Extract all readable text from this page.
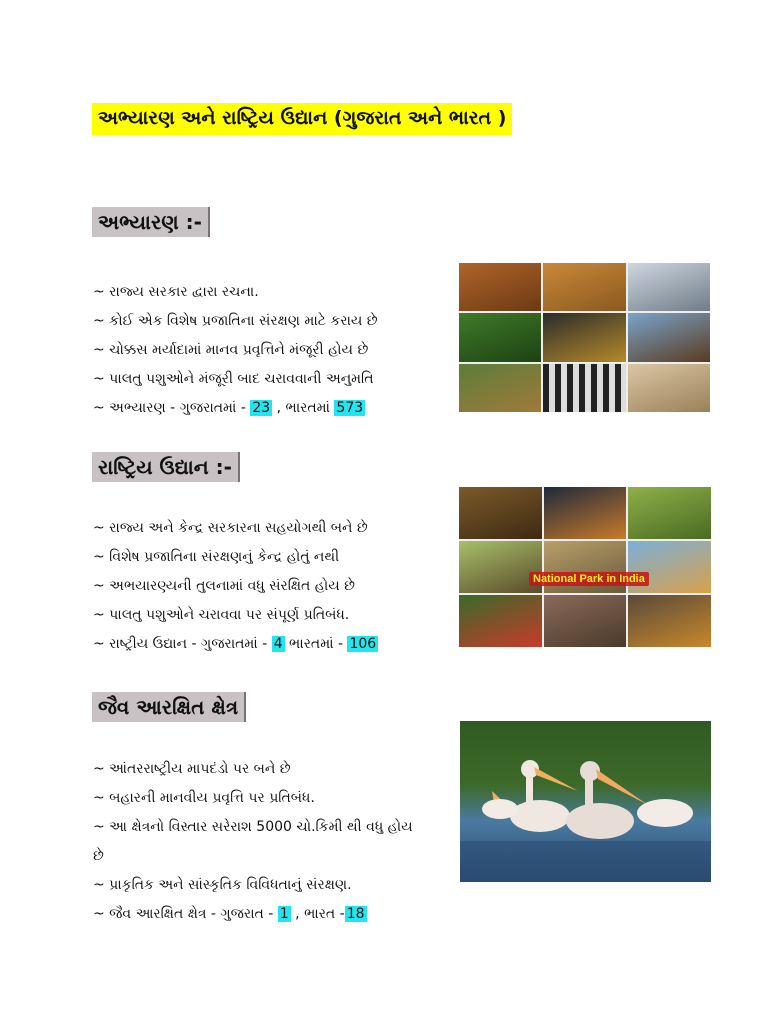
અભ્યારણ અને રાષ્ટ્રિય ઉદ્યાન (ગુજરાત અને ભારત )
અભ્યારણ :-
~ રાજ્ય સરકાર દ્વારા રચના.
~ કોઈ એક વિશેષ પ્રજાતિના સંરક્ષણ માટે કરાય છે
~ ચોક્કસ મર્યાદામાં માનવ પ્રવૃત્તિને મંજૂરી હોય છે
~ પાલતુ પશુઓને મંજૂરી બાદ ચરાવવાની અનુમતિ
~ અભ્યારણ - ગુજરાતમાં - 23 , ભારતમાં 573
રાષ્ટ્રિય ઉદ્યાન :-
~ રાજ્ય અને કેન્દ્ર સરકારના સહયોગથી બને છે
~ વિશેષ પ્રજાતિના સંરક્ષણનું કેન્દ્ર હોતું નથી
~ અભયારણ્યની તુલનામાં વધુ સંરક્ષિત હોય છે
~ પાલતુ પશુઓને ચરાવવા પર સંપૂર્ણ પ્રતિબંધ.
~ રાષ્ટ્રીય ઉદ્યાન - ગુજરાતમાં - 4 ભારતમાં - 106
National Park in India
જૈવ આરક્ષિત ક્ષેત્ર
~ આંતરરાષ્ટ્રીય માપદંડો પર બને છે
~ બહારની માનવીય પ્રવૃત્તિ પર પ્રતિબંધ.
~ આ ક્ષેત્રનો વિસ્તાર સરેરાશ 5000 ચો.કિમી થી વધુ હોય છે
~ પ્રાકૃતિક અને સાંસ્કૃતિક વિવિધતાનું સંરક્ષણ.
~ જૈવ આરક્ષિત ક્ષેત્ર - ગુજરાત - 1 , ભારત - 18
